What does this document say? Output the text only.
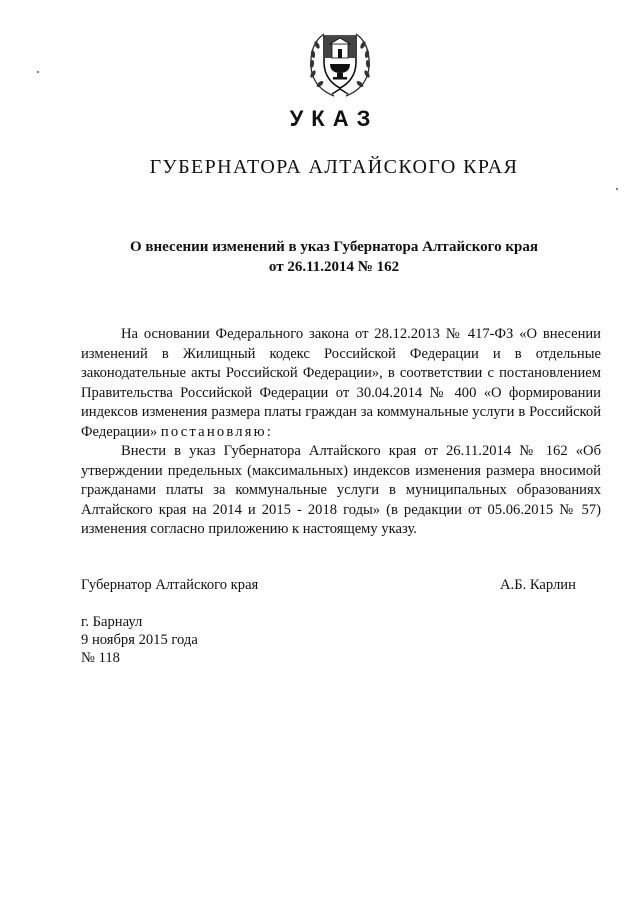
УКАЗ
ГУБЕРНАТОРА АЛТАЙСКОГО КРАЯ
О внесении изменений в указ Губернатора Алтайского края
от 26.11.2014 № 162

На основании Федерального закона от 28.12.2013 № 417-ФЗ «О внесении изменений в Жилищный кодекс Российской Федерации и в отдельные законодательные акты Российской Федерации», в соответствии с постановлением Правительства Российской Федерации от 30.04.2014 № 400 «О формировании индексов изменения размера платы граждан за коммунальные услуги в Российской Федерации» постановляю:

Внести в указ Губернатора Алтайского края от 26.11.2014 № 162 «Об утверждении предельных (максимальных) индексов изменения размера вносимой гражданами платы за коммунальные услуги в муниципальных образованиях Алтайского края на 2014 и 2015 - 2018 годы» (в редакции от 05.06.2015 № 57) изменения согласно приложению к настоящему указу.

Губернатор Алтайского края	А.Б. Карлин
г. Барнаул
9 ноября 2015 года
№ 118
